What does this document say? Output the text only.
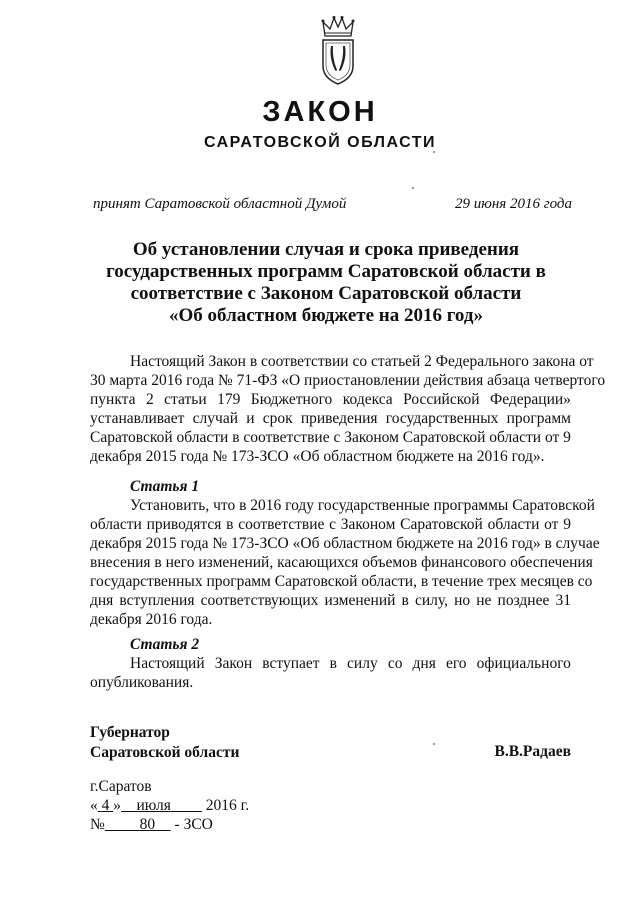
ЗАКОН
САРАТОВСКОЙ ОБЛАСТИ
принят Саратовской областной Думой	29 июня 2016 года
Об установлении случая и срока приведения
государственных программ Саратовской области в
соответствие с Законом Саратовской области
«Об областном бюджете на 2016 год»
Настоящий Закон в соответствии со статьей 2 Федерального закона от
30 марта 2016 года № 71-ФЗ «О приостановлении действия абзаца четвертого
пункта 2 статьи 179 Бюджетного кодекса Российской Федерации»
устанавливает случай и срок приведения государственных программ
Саратовской области в соответствие с Законом Саратовской области от 9
декабря 2015 года № 173-ЗСО «Об областном бюджете на 2016 год».
Статья 1
Установить, что в 2016 году государственные программы Саратовской
области приводятся в соответствие с Законом Саратовской области от 9
декабря 2015 года № 173-ЗСО «Об областном бюджете на 2016 год» в случае
внесения в него изменений, касающихся объемов финансового обеспечения
государственных программ Саратовской области, в течение трех месяцев со
дня вступления соответствующих изменений в силу, но не позднее 31
декабря 2016 года.
Статья 2
Настоящий Закон вступает в силу со дня его официального
опубликования.
Губернатор
Саратовской области	В.В.Радаев
г.Саратов
« 4 » июля 2016 г.
№ 80 - ЗСО
